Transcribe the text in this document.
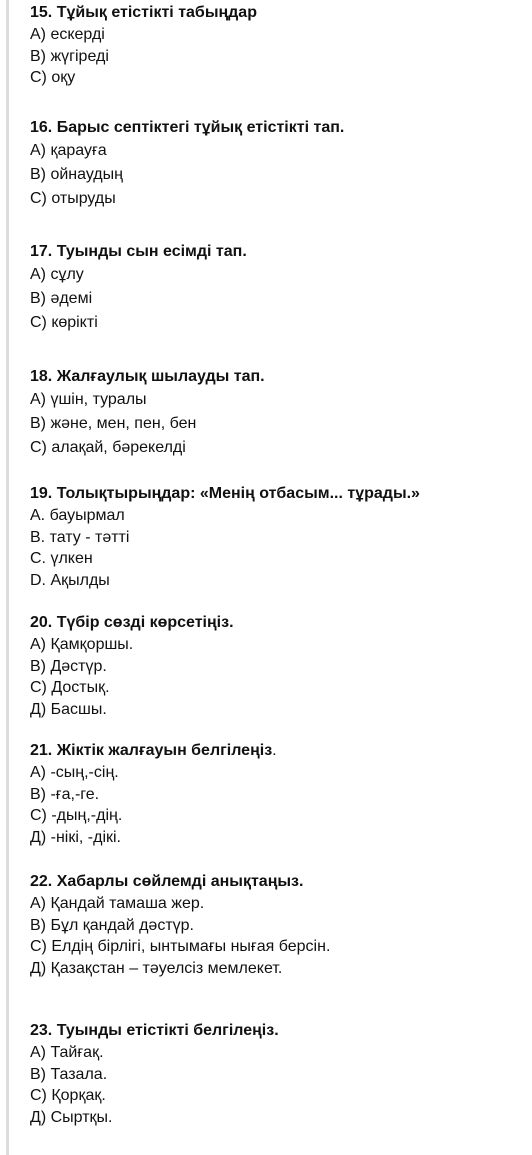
15. Тұйық етістікті табыңдар
А) ескерді
В) жүгіреді
С) оқу
16. Барыс септіктегі тұйық етістікті тап.
А) қарауға
В) ойнаудың
С) отыруды
17. Туынды сын есімді тап.
А) сұлу
В) әдемі
С) көрікті
18. Жалғаулық шылауды тап.
А) үшін, туралы
В) және, мен, пен, бен
С) алақай, бәрекелді
19. Толықтырыңдар: «Менің отбасым... тұрады.»
А. бауырмал
В. тату - тәтті
С. үлкен
D. Ақылды
20. Түбір сөзді көрсетіңіз.
А) Қамқоршы.
В) Дәстүр.
С) Достық.
Д) Басшы.
21. Жіктік жалғауын белгілеңіз.
А) -сың,-сің.
В) -ға,-ге.
С) -дың,-дің.
Д) -нікі, -дікі.
22. Хабарлы сөйлемді анықтаңыз.
А) Қандай тамаша жер.
В) Бұл қандай дәстүр.
С) Елдің бірлігі, ынтымағы нығая берсін.
Д) Қазақстан – тәуелсіз мемлекет.
23. Туынды етістікті белгілеңіз.
А) Тайғақ.
В) Тазала.
С) Қорқақ.
Д) Сыртқы.
